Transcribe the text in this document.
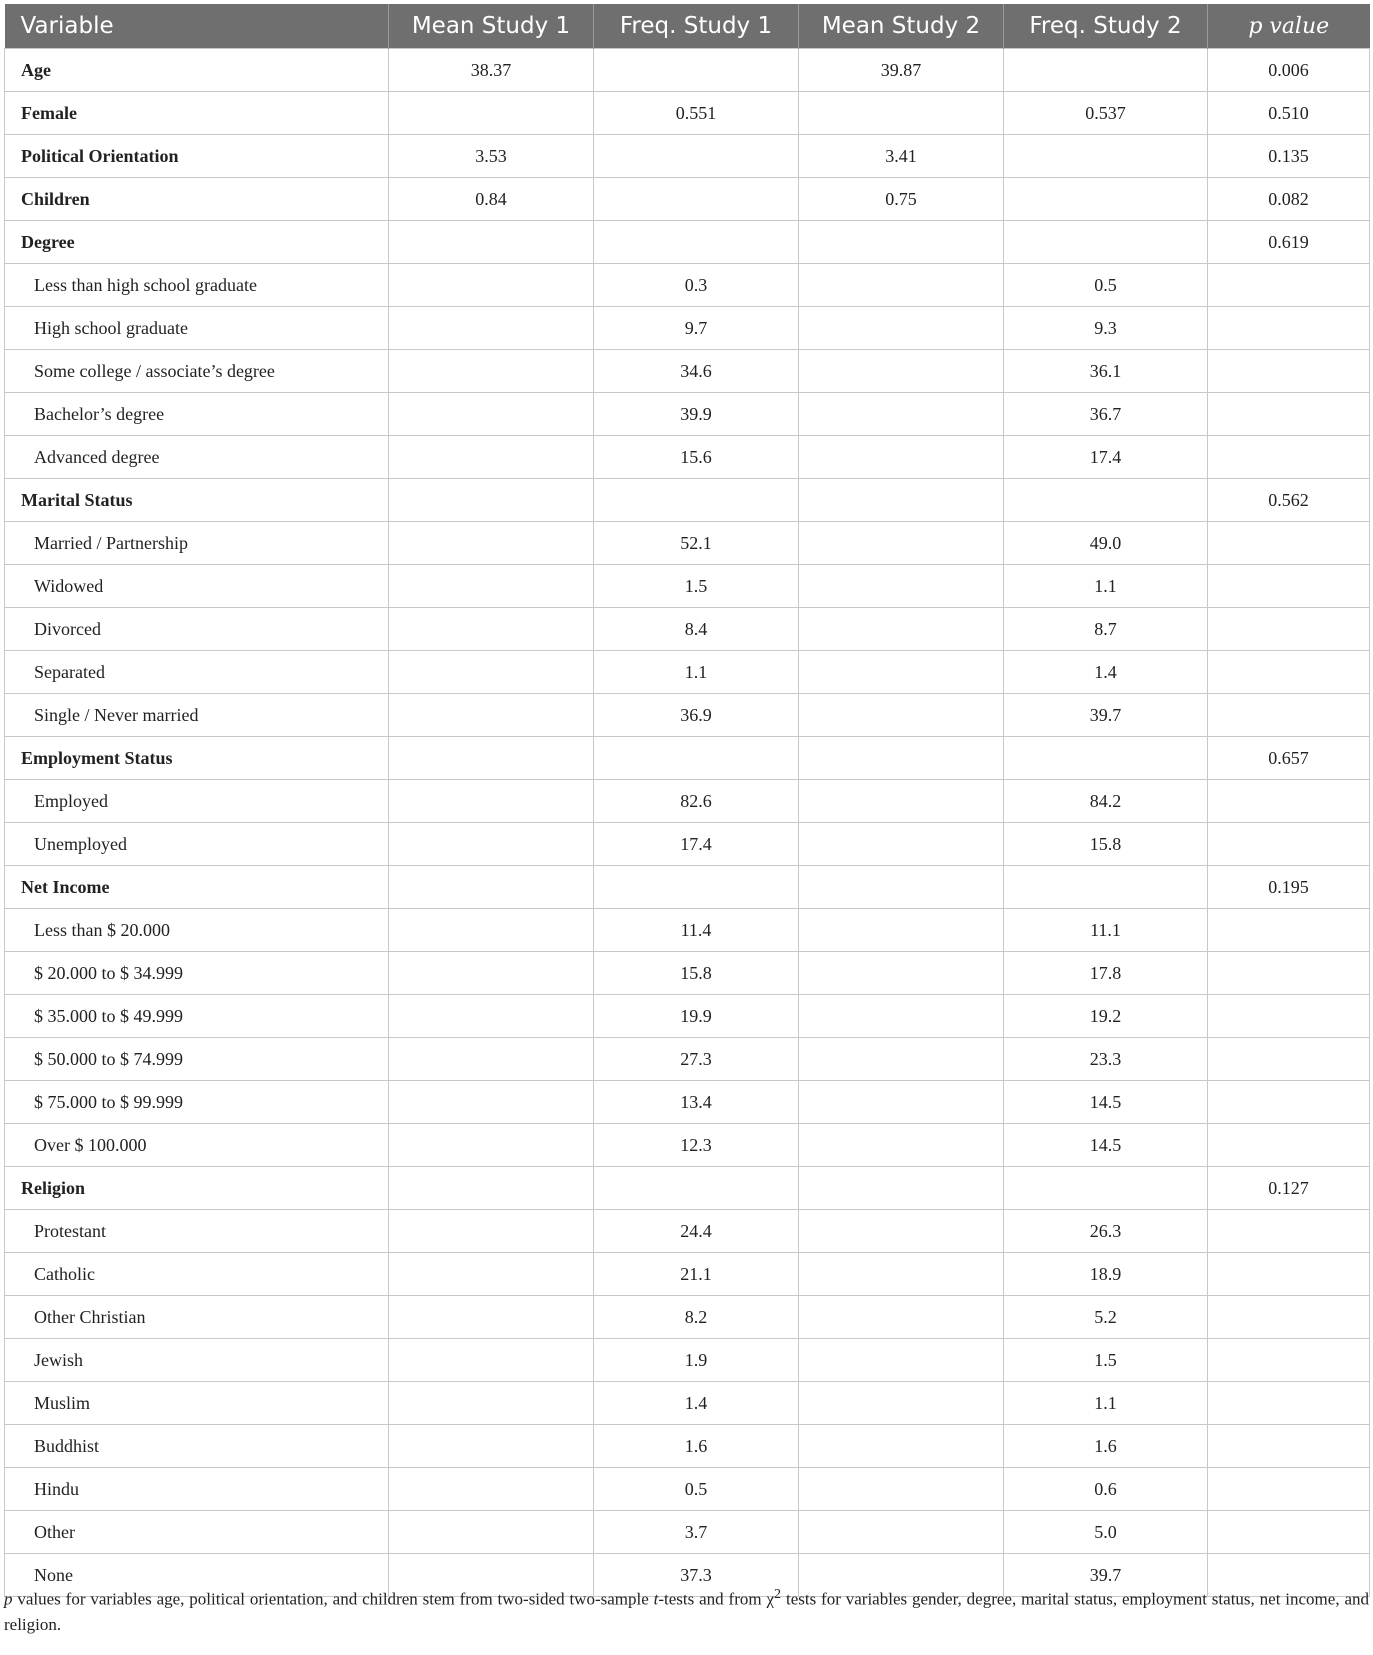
Variable	Mean Study 1	Freq. Study 1	Mean Study 2	Freq. Study 2	p value
Age	38.37		39.87		0.006
Female		0.551		0.537	0.510
Political Orientation	3.53		3.41		0.135
Children	0.84		0.75		0.082
Degree					0.619
Less than high school graduate		0.3		0.5	
High school graduate		9.7		9.3	
Some college / associate’s degree		34.6		36.1	
Bachelor’s degree		39.9		36.7	
Advanced degree		15.6		17.4	
Marital Status					0.562
Married / Partnership		52.1		49.0	
Widowed		1.5		1.1	
Divorced		8.4		8.7	
Separated		1.1		1.4	
Single / Never married		36.9		39.7	
Employment Status					0.657
Employed		82.6		84.2	
Unemployed		17.4		15.8	
Net Income					0.195
Less than $ 20.000		11.4		11.1	
$ 20.000 to $ 34.999		15.8		17.8	
$ 35.000 to $ 49.999		19.9		19.2	
$ 50.000 to $ 74.999		27.3		23.3	
$ 75.000 to $ 99.999		13.4		14.5	
Over $ 100.000		12.3		14.5	
Religion					0.127
Protestant		24.4		26.3	
Catholic		21.1		18.9	
Other Christian		8.2		5.2	
Jewish		1.9		1.5	
Muslim		1.4		1.1	
Buddhist		1.6		1.6	
Hindu		0.5		0.6	
Other		3.7		5.0	
None		37.3		39.7	
p values for variables age, political orientation, and children stem from two-sided two-sample t-tests and from $\chi^2$ tests for variables gender, degree, marital status, employment status, net income, and religion.
